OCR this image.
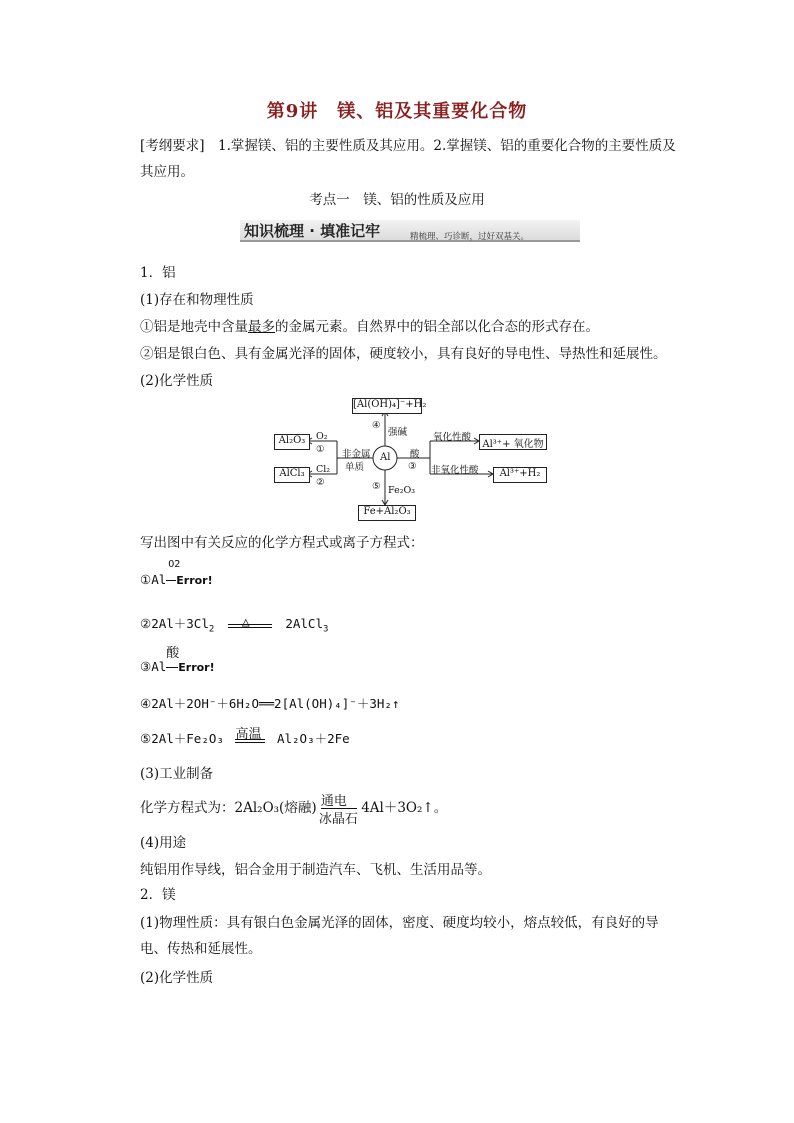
第9讲　镁、铝及其重要化合物
[考纲要求]　1.掌握镁、铝的主要性质及其应用。2.掌握镁、铝的重要化合物的主要性质及其应用。
考点一　镁、铝的性质及应用
知识梳理 · 填准记牢	精梳理、巧诊断，过好双基关。
1．铝
(1)存在和物理性质
①铝是地壳中含量最多的金属元素。自然界中的铝全部以化合态的形式存在。
②铝是银白色、具有金属光泽的固体，硬度较小，具有良好的导电性、导热性和延展性。
(2)化学性质
[Al(OH)₄]⁻+H₂
Al₂O₃
AlCl₃
Al³⁺+ 氧化物
Al³⁺+H₂
Fe+Al₂O₃
Al
O₂
①
Cl₂
②
非金属
单质
④
强碱
酸
③
氧化性酸
非氧化性酸
⑤ Fe₂O₃
写出图中有关反应的化学方程式或离子方程式：
①Al
O2
Error!
$②2Al+3Cl_2$ △	2AlCl$_3$
③Al
酸
Error!
④2Al＋2OH⁻＋6H₂O══2[Al(OH)₄]⁻＋3H₂↑
⑤2Al＋Fe₂O₃ 高温 Al₂O₃＋2Fe
(3)工业制备
化学方程式为：2Al₂O₃(熔融) 通电
冰晶石
4Al＋3O₂↑。
(4)用途
纯铝用作导线，铝合金用于制造汽车、飞机、生活用品等。
2．镁
(1)物理性质：具有银白色金属光泽的固体，密度、硬度均较小，熔点较低，有良好的导电、传热和延展性。
(2)化学性质
